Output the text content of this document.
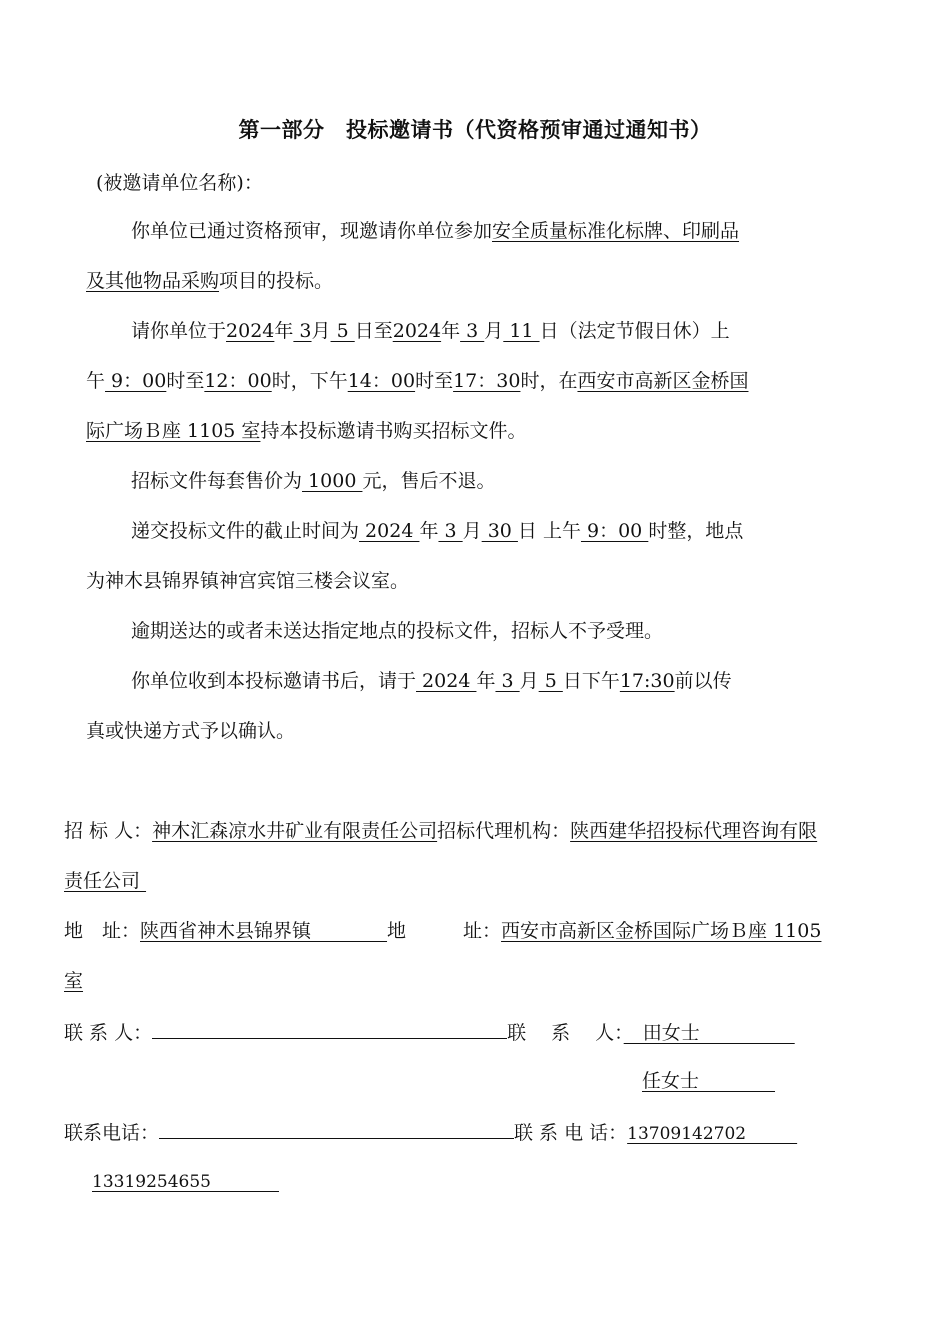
第一部分　投标邀请书（代资格预审通过通知书）
(被邀请单位名称)：
你单位已通过资格预审，现邀请你单位参加安全质量标准化标牌、印刷品
及其他物品采购项目的投标。
请你单位于2024年 3月 5 日至2024年 3 月 11 日（法定节假日休）上
午 9：00时至12：00时，下午14：00时至17：30时，在西安市高新区金桥国
际广场Ｂ座 1105 室持本投标邀请书购买招标文件。
招标文件每套售价为 1000 元，售后不退。
递交投标文件的截止时间为 2024 年 3 月 30 日 上午 9：00 时整，地点
为神木县锦界镇神宫宾馆三楼会议室。
逾期送达的或者未送达指定地点的投标文件，招标人不予受理。
你单位收到本投标邀请书后，请于 2024 年 3 月 5 日下午17:30前以传
真或快递方式予以确认。
招 标 人：神木汇森凉水井矿业有限责任公司招标代理机构：陕西建华招投标代理咨询有限
责任公司
地　址：陕西省神木县锦界镇　　　　地　　　址：西安市高新区金桥国际广场Ｂ座 1105
室
联 系 人：	联　 系　 人：　田女士　　　　　
任女士　　　　
联系电话：	联 系 电 话：13709142702　　　
13319254655　　　　
